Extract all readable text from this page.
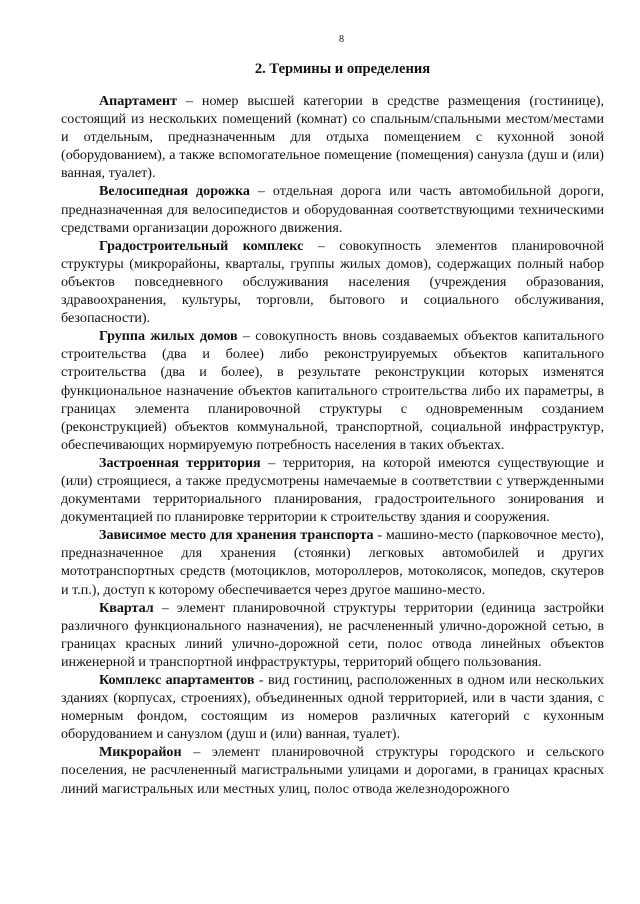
8
2. Термины и определения

Апартамент – номер высшей категории в средстве размещения (гостинице), состоящий из нескольких помещений (комнат) со спальным/спальными местом/местами и отдельным, предназначенным для отдыха помещением с кухонной зоной (оборудованием), а также вспомогательное помещение (помещения) санузла (душ и (или) ванная, туалет).

Велосипедная дорожка – отдельная дорога или часть автомобильной дороги, предназначенная для велосипедистов и оборудованная соответствующими техническими средствами организации дорожного движения.

Градостроительный комплекс – совокупность элементов планировочной структуры (микрорайоны, кварталы, группы жилых домов), содержащих полный набор объектов повседневного обслуживания населения (учреждения образования, здравоохранения, культуры, торговли, бытового и социального обслуживания, безопасности).

Группа жилых домов – совокупность вновь создаваемых объектов капитального строительства (два и более) либо реконструируемых объектов капитального строительства (два и более), в результате реконструкции которых изменятся функциональное назначение объектов капитального строительства либо их параметры, в границах элемента планировочной структуры с одновременным созданием (реконструкцией) объектов коммунальной, транспортной, социальной инфраструктур, обеспечивающих нормируемую потребность населения в таких объектах.

Застроенная территория – территория, на которой имеются существующие и (или) строящиеся, а также предусмотрены намечаемые в соответствии с утвержденными документами территориального планирования, градостроительного зонирования и документацией по планировке территории к строительству здания и сооружения.

Зависимое место для хранения транспорта - машино-место (парковочное место), предназначенное для хранения (стоянки) легковых автомобилей и других мототранспортных средств (мотоциклов, мотороллеров, мотоколясок, мопедов, скутеров и т.п.), доступ к которому обеспечивается через другое машино-место.

Квартал – элемент планировочной структуры территории (единица застройки различного функционального назначения), не расчлененный улично-дорожной сетью, в границах красных линий улично-дорожной сети, полос отвода линейных объектов инженерной и транспортной инфраструктуры, территорий общего пользования.

Комплекс апартаментов - вид гостиниц, расположенных в одном или нескольких зданиях (корпусах, строениях), объединенных одной территорией, или в части здания, с номерным фондом, состоящим из номеров различных категорий с кухонным оборудованием и санузлом (душ и (или) ванная, туалет).

Микрорайон – элемент планировочной структуры городского и сельского поселения, не расчлененный магистральными улицами и дорогами, в границах красных линий магистральных или местных улиц, полос отвода железнодорожного
